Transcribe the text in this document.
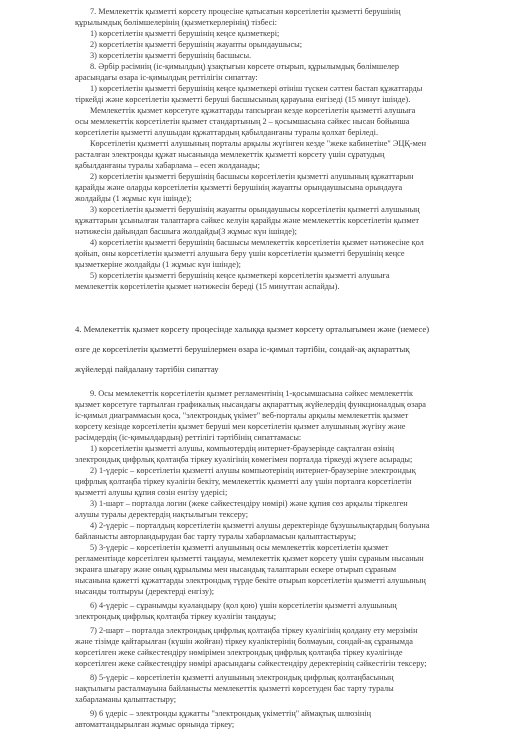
7. Мемлекеттік қызметті көрсету процесіне қатысатын көрсетілетін қызметті берушінің
құрылымдық бөлімшелерінің (қызметкерлерінің) тізбесі:
1) көрсетілетін қызметті берушінің кеңсе қызметкері;
2) көрсетілетін қызметті берушінің жауапты орындаушысы;
3) көрсетілетін қызметті берушінің басшысы.
8. Әрбір рәсімнің (іс-қимылдың) ұзақтығын көрсете отырып, құрылымдық бөлімшелер
арасындағы өзара іс-қимылдың реттілігін сипаттау:
1) көрсетілетін қызметті берушінің кеңсе қызметкері өтініш түскен сәттен бастап құжаттарды
тіркейді және көрсетілетін қызметті беруші басшысының қарауына енгізеді (15 минут ішінде).
Мемлекеттік қызмет көрсетуге құжаттарды тапсырған кезде көрсетілетін қызметті алушыға
осы мемлекеттік көрсетілетін қызмет стандартының 2 – қосымшасына сәйкес нысан бойынша
көрсетілетін қызметті алушыдан құжаттардың қабылданғаны туралы қолхат беріледі.
Көрсетілетін қызметті алушының порталы арқылы жүгінген кезде "жеке кабинетіне" ЭЦҚ-мен
расталған электронды құжат нысанында мемлекеттік қызметті көрсету үшін сұратудың
қабылданғаны туралы хабарлама – есеп жолданады;
2) көрсетілетін қызметті берушінің басшысы көрсетілетін қызметті алушының құжаттарын
қарайды және оларды көрсетілетін қызметті берушінің жауапты орындаушысына орындауға
жолдайды (1 жұмыс күн ішінде);
3) көрсетілетін қызметті берушінің жауапты орындаушысы көрсетілетін қызметті алушының
құжаттарын ұсынылған талаптарға сәйкес келуін қарайды және мемлекеттік көрсетілетін қызмет
нәтижесін дайындап басшыға жолдайды(3 жұмыс күн ішінде);
4) көрсетілетін қызметті берушінің басшысы мемлекеттік көрсетілетін қызмет нәтижесіне қол
қойып, оны көрсетілетін қызметті алушыға беру үшін көрсетілетін қызметті берушінің кеңсе
қызметкеріне жолдайды (1 жұмыс күн ішінде);
5) көрсетілетін қызметті берушінің кеңсе қызметкері көрсетілетін қызметті алушыға
мемлекеттік көрсетілетін қызмет нәтижесін береді (15 минуттан аспайды).
4. Мемлекеттік қызмет көрсету процесінде халыққа қызмет көрсету орталығымен және (немесе)
өзге де көрсетілетін қызметті берушілермен өзара іс-қимыл тәртібін, сондай-ақ ақпараттық
жүйелерді пайдалану тәртібін сипаттау
9. Осы мемлекеттік көрсетілетін қызмет регламентінің 1-қосымшасына сәйкес мемлекеттік
қызмет көрсетуге тартылған графикалық нысандағы ақпараттық жүйелердің функционалдық өзара
іс-қимыл диаграммасын қоса, "электрондық үкімет" веб-порталы арқылы мемлекеттік қызмет
көрсету кезінде көрсетілетін қызмет беруші мен көрсетілетін қызмет алушының жүгіну және
рәсімдердің (іс-қимылдардың) реттілігі тәртібінің сипаттамасы:
1) көрсетілетін қызметті алушы, компьютердің интернет-браузерінде сақталған өзінің
электрондық цифрлық қолтаңба тіркеу куәлігінің көмегімен порталда тіркеуді жүзеге асырады;
2) 1-үдеріс – көрсетілетін қызметті алушы компьютерінің интернет-браузеріне электрондық
цифрлық қолтаңба тіркеу куәлігін бекіту, мемлекеттік қызметті алу үшін порталға көрсетілетін
қызметті алушы құпия сөзін енгізу үдерісі;
3) 1-шарт – порталда логин (жеке сәйкестендіру нөмірі) және құпия сөз арқылы тіркелген
алушы туралы деректердің нақтылығын тексеру;
4) 2-үдеріс – порталдың көрсетілетін қызметті алушы деректерінде бұзушылықтардың болуына
байланысты авторландырудан бас тарту туралы хабарламасын қалыптастыруы;
5) 3-үдеріс – көрсетілетін қызметті алушының осы мемлекеттік көрсетілетін қызмет
регламентінде көрсетілген қызметті таңдауы, мемлекеттік қызмет көрсету үшін сұраным нысанын
экранға шығару және оның құрылымы мен нысандық талаптарын ескере отырып сұраным
нысанына қажетті құжаттарды электрондық түрде бекіте отырып көрсетілетін қызметті алушының
нысанды толтыруы (деректерді енгізу);
6) 4-үдеріс – сұранымды куәландыру (қол қою) үшін көрсетілетін қызметті алушының
электрондық цифрлық қолтаңба тіркеу куәлігін таңдауы;
7) 2-шарт – порталда электрондық цифрлық қолтаңба тіркеу куәлігінің қолдану ету мерзімін
және тізімде қайтарылған (күшін жойған) тіркеу куәліктерінің болмауын, сондай-ақ сұранымда
көрсетілген жеке сәйкестендіру нөмірімен электрондық цифрлық қолтаңба тіркеу куәлігінде
көрсетілген жеке сәйкестендіру нөмірі арасындағы сәйкестендіру деректерінің сәйкестігін тексеру;
8) 5-үдеріс – көрсетілетін қызметті алушының электрондық цифрлық қолтаңбасының
нақтылығы расталмауына байланысты мемлекеттік қызметті көрсетуден бас тарту туралы
хабарламаны қалыптастыру;
9) 6 үдеріс – электронды құжатты "электрондық үкіметтің" аймақтық шлюзінің
автоматтандырылған жұмыс орнында тіркеу;
